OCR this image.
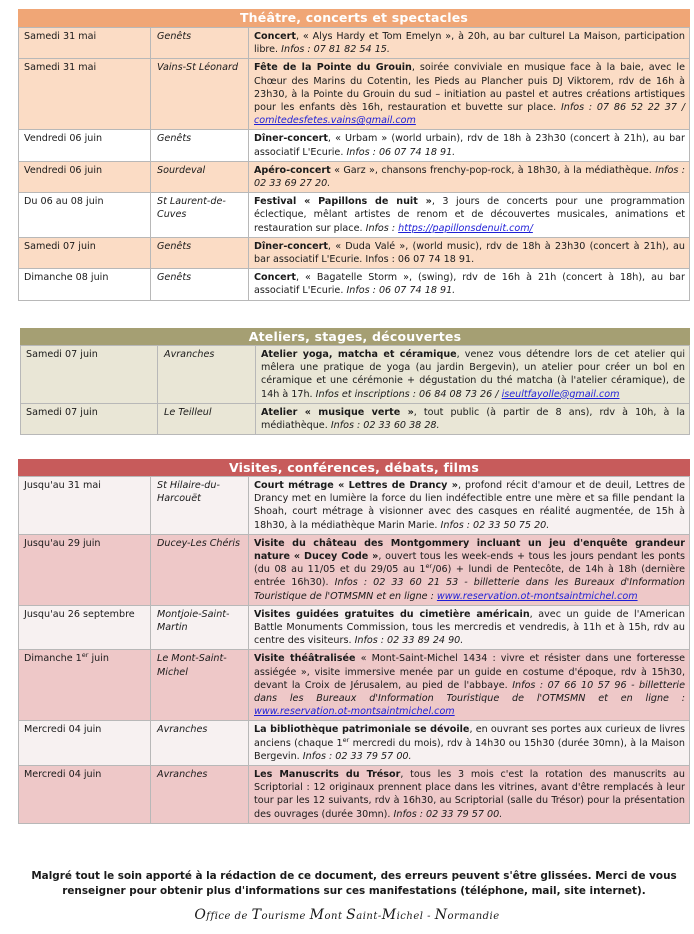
Théâtre, concerts et spectacles
Samedi 31 mai	Genêts	Concert, « Alys Hardy et Tom Emelyn », à 20h, au bar culturel La Maison, participation libre. Infos : 07 81 82 54 15.
Samedi 31 mai	Vains-St Léonard	Fête de la Pointe du Grouin, soirée conviviale en musique face à la baie, avec le Chœur des Marins du Cotentin, les Pieds au Plancher puis DJ Viktorem, rdv de 16h à 23h30, à la Pointe du Grouin du sud – initiation au pastel et autres créations artistiques pour les enfants dès 16h, restauration et buvette sur place. Infos : 07 86 52 22 37 / comitedesfetes.vains@gmail.com
Vendredi 06 juin	Genêts	Dîner-concert, « Urbam » (world urbain), rdv de 18h à 23h30 (concert à 21h), au bar associatif L'Ecurie. Infos : 06 07 74 18 91.
Vendredi 06 juin	Sourdeval	Apéro-concert « Garz », chansons frenchy-pop-rock, à 18h30, à la médiathèque. Infos : 02 33 69 27 20.
Du 06 au 08 juin	St Laurent-de-Cuves	Festival « Papillons de nuit », 3 jours de concerts pour une programmation éclectique, mêlant artistes de renom et de découvertes musicales, animations et restauration sur place. Infos : https://papillonsdenuit.com/
Samedi 07 juin	Genêts	Dîner-concert, « Duda Valé », (world music), rdv de 18h à 23h30 (concert à 21h), au bar associatif L'Ecurie. Infos : 06 07 74 18 91.
Dimanche 08 juin	Genêts	Concert, « Bagatelle Storm », (swing), rdv de 16h à 21h (concert à 18h), au bar associatif L'Ecurie. Infos : 06 07 74 18 91.
Ateliers, stages, découvertes
Samedi 07 juin	Avranches	Atelier yoga, matcha et céramique, venez vous détendre lors de cet atelier qui mêlera une pratique de yoga (au jardin Bergevin), un atelier pour créer un bol en céramique et une cérémonie + dégustation du thé matcha (à l'atelier céramique), de 14h à 17h. Infos et inscriptions : 06 84 08 73 26 / iseultfayolle@gmail.com
Samedi 07 juin	Le Teilleul	Atelier « musique verte », tout public (à partir de 8 ans), rdv à 10h, à la médiathèque. Infos : 02 33 60 38 28.
Visites, conférences, débats, films
Jusqu'au 31 mai	St Hilaire-du-Harcouët	Court métrage « Lettres de Drancy », profond récit d'amour et de deuil, Lettres de Drancy met en lumière la force du lien indéfectible entre une mère et sa fille pendant la Shoah, court métrage à visionner avec des casques en réalité augmentée, de 15h à 18h30, à la médiathèque Marin Marie. Infos : 02 33 50 75 20.
Jusqu'au 29 juin	Ducey-Les Chéris	Visite du château des Montgommery incluant un jeu d'enquête grandeur nature « Ducey Code », ouvert tous les week-ends + tous les jours pendant les ponts (du 08 au 11/05 et du 29/05 au 1er/06) + lundi de Pentecôte, de 14h à 18h (dernière entrée 16h30). Infos : 02 33 60 21 53 - billetterie dans les Bureaux d'Information Touristique de l'OTMSMN et en ligne : www.reservation.ot-montsaintmichel.com
Jusqu'au 26 septembre	Montjoie-Saint-Martin	Visites guidées gratuites du cimetière américain, avec un guide de l'American Battle Monuments Commission, tous les mercredis et vendredis, à 11h et à 15h, rdv au centre des visiteurs. Infos : 02 33 89 24 90.
Dimanche 1er juin	Le Mont-Saint-Michel	Visite théâtralisée « Mont-Saint-Michel 1434 : vivre et résister dans une forteresse assiégée », visite immersive menée par un guide en costume d'époque, rdv à 15h30, devant la Croix de Jérusalem, au pied de l'abbaye. Infos : 07 66 10 57 96 - billetterie dans les Bureaux d'Information Touristique de l'OTMSMN et en ligne : www.reservation.ot-montsaintmichel.com
Mercredi 04 juin	Avranches	La bibliothèque patrimoniale se dévoile, en ouvrant ses portes aux curieux de livres anciens (chaque 1er mercredi du mois), rdv à 14h30 ou 15h30 (durée 30mn), à la Maison Bergevin. Infos : 02 33 79 57 00.
Mercredi 04 juin	Avranches	Les Manuscrits du Trésor, tous les 3 mois c'est la rotation des manuscrits au Scriptorial : 12 originaux prennent place dans les vitrines, avant d'être remplacés à leur tour par les 12 suivants, rdv à 16h30, au Scriptorial (salle du Trésor) pour la présentation des ouvrages (durée 30mn). Infos : 02 33 79 57 00.
Malgré tout le soin apporté à la rédaction de ce document, des erreurs peuvent s'être glissées. Merci de vous renseigner pour obtenir plus d'informations sur ces manifestations (téléphone, mail, site internet).
Office de Tourisme Mont Saint-Michel - Normandie
